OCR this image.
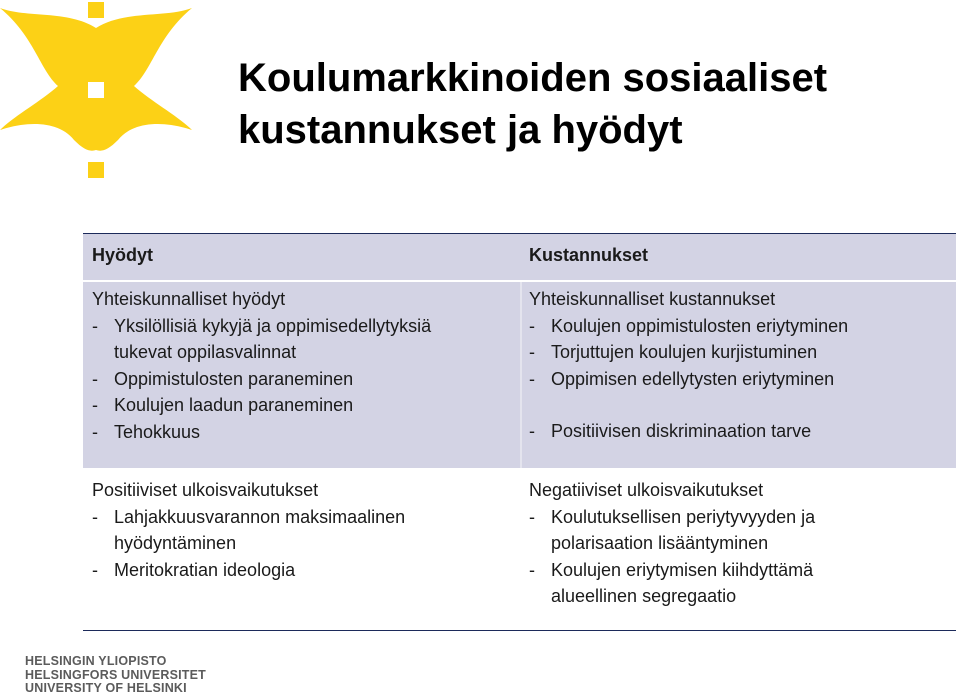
Koulumarkkinoiden sosiaaliset kustannukset ja hyödyt
Hyödyt	Kustannukset
Yhteiskunnalliset hyödyt
- Yksilöllisiä kykyjä ja oppimisedellytyksiä
tukevat oppilasvalinnat
- Oppimistulosten paraneminen
- Koulujen laadun paraneminen
- Tehokkuus
Yhteiskunnalliset kustannukset
- Koulujen oppimistulosten eriytyminen
- Torjuttujen koulujen kurjistuminen
- Oppimisen edellytysten eriytyminen
- Positiivisen diskriminaation tarve
Positiiviset ulkoisvaikutukset
- Lahjakkuusvarannon maksimaalinen
hyödyntäminen
- Meritokratian ideologia
Negatiiviset ulkoisvaikutukset
- Koulutuksellisen periytyvyyden ja
polarisaation lisääntyminen
- Koulujen eriytymisen kiihdyttämä
alueellinen segregaatio
HELSINGIN YLIOPISTO
HELSINGFORS UNIVERSITET
UNIVERSITY OF HELSINKI
